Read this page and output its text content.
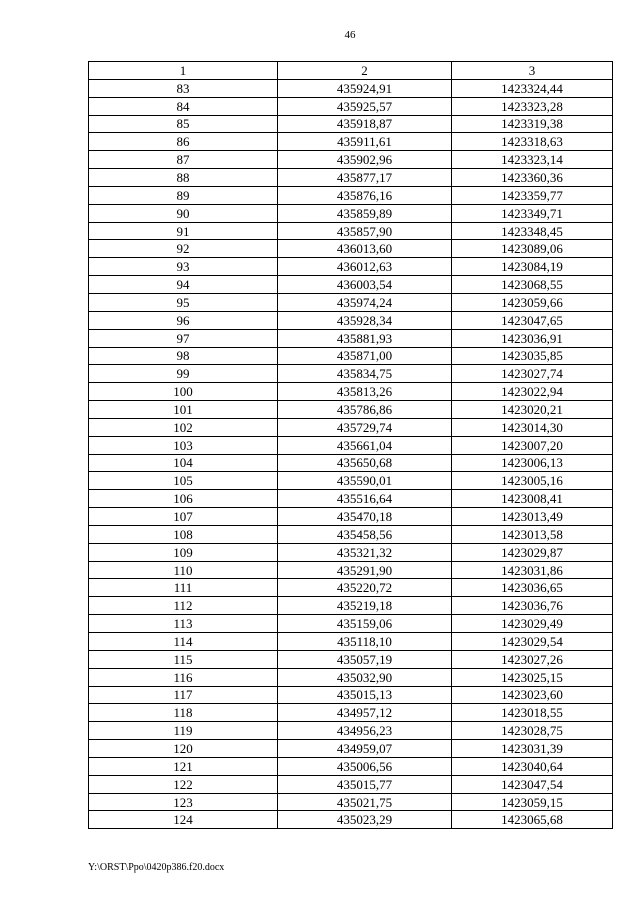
46
1	2	3
83	435924,91	1423324,44
84	435925,57	1423323,28
85	435918,87	1423319,38
86	435911,61	1423318,63
87	435902,96	1423323,14
88	435877,17	1423360,36
89	435876,16	1423359,77
90	435859,89	1423349,71
91	435857,90	1423348,45
92	436013,60	1423089,06
93	436012,63	1423084,19
94	436003,54	1423068,55
95	435974,24	1423059,66
96	435928,34	1423047,65
97	435881,93	1423036,91
98	435871,00	1423035,85
99	435834,75	1423027,74
100	435813,26	1423022,94
101	435786,86	1423020,21
102	435729,74	1423014,30
103	435661,04	1423007,20
104	435650,68	1423006,13
105	435590,01	1423005,16
106	435516,64	1423008,41
107	435470,18	1423013,49
108	435458,56	1423013,58
109	435321,32	1423029,87
110	435291,90	1423031,86
111	435220,72	1423036,65
112	435219,18	1423036,76
113	435159,06	1423029,49
114	435118,10	1423029,54
115	435057,19	1423027,26
116	435032,90	1423025,15
117	435015,13	1423023,60
118	434957,12	1423018,55
119	434956,23	1423028,75
120	434959,07	1423031,39
121	435006,56	1423040,64
122	435015,77	1423047,54
123	435021,75	1423059,15
124	435023,29	1423065,68
Y:\ORST\Ppo\0420p386.f20.docx
